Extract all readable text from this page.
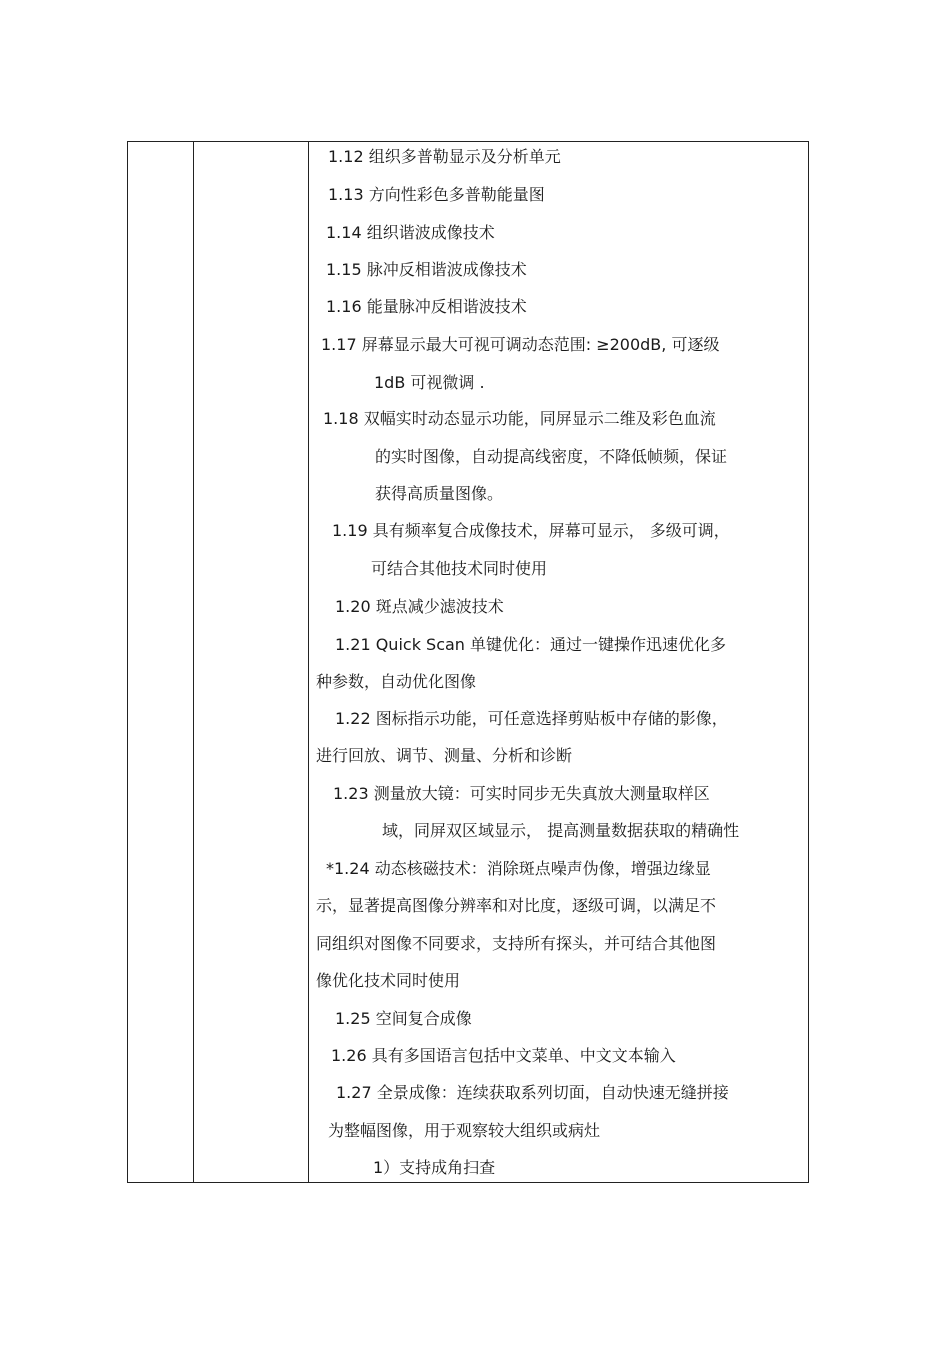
1.12 组织多普勒显示及分析单元
1.13 方向性彩色多普勒能量图
1.14 组织谐波成像技术
1.15 脉冲反相谐波成像技术
1.16 能量脉冲反相谐波技术
1.17 屏幕显示最大可视可调动态范围: ≥200dB, 可逐级
1dB 可视微调 .
1.18 双幅实时动态显示功能，同屏显示二维及彩色血流
的实时图像，自动提高线密度，不降低帧频，保证
获得高质量图像。
1.19 具有频率复合成像技术，屏幕可显示， 多级可调，
可结合其他技术同时使用
1.20 斑点减少滤波技术
1.21 Quick Scan 单键优化：通过一键操作迅速优化多
种参数，自动优化图像
1.22 图标指示功能，可任意选择剪贴板中存储的影像，
进行回放、调节、测量、分析和诊断
1.23 测量放大镜：可实时同步无失真放大测量取样区
域，同屏双区域显示， 提高测量数据获取的精确性
*1.24 动态核磁技术：消除斑点噪声伪像，增强边缘显
示，显著提高图像分辨率和对比度，逐级可调，以满足不
同组织对图像不同要求，支持所有探头，并可结合其他图
像优化技术同时使用
1.25 空间复合成像
1.26 具有多国语言包括中文菜单、中文文本输入
1.27 全景成像：连续获取系列切面，自动快速无缝拼接
为整幅图像，用于观察较大组织或病灶
1）支持成角扫查
